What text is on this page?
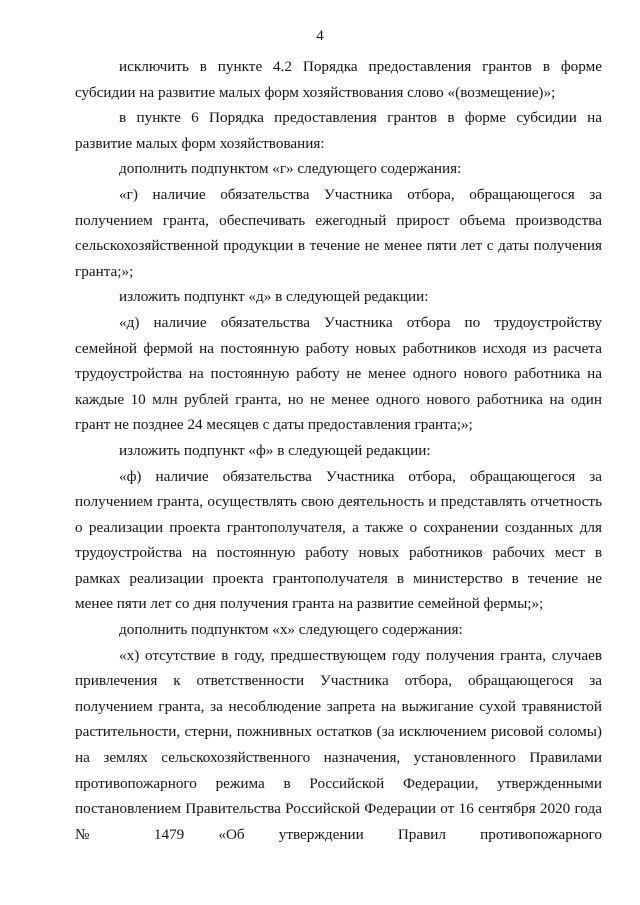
4

исключить в пункте 4.2 Порядка предоставления грантов в форме субсидии на развитие малых форм хозяйствования слово «(возмещение)»;

в пункте 6 Порядка предоставления грантов в форме субсидии на развитие малых форм хозяйствования:

дополнить подпунктом «г» следующего содержания:

«г) наличие обязательства Участника отбора, обращающегося за получением гранта, обеспечивать ежегодный прирост объема производства сельскохозяйственной продукции в течение не менее пяти лет с даты получения гранта;»;

изложить подпункт «д» в следующей редакции:

«д) наличие обязательства Участника отбора по трудоустройству семейной фермой на постоянную работу новых работников исходя из расчета трудоустройства на постоянную работу не менее одного нового работника на каждые 10 млн рублей гранта, но не менее одного нового работника на один грант не позднее 24 месяцев с даты предоставления гранта;»;

изложить подпункт «ф» в следующей редакции:

«ф) наличие обязательства Участника отбора, обращающегося за получением гранта, осуществлять свою деятельность и представлять отчетность о реализации проекта грантополучателя, а также о сохранении созданных для трудоустройства на постоянную работу новых работников рабочих мест в рамках реализации проекта грантополучателя в министерство в течение не менее пяти лет со дня получения гранта на развитие семейной фермы;»;

дополнить подпунктом «х» следующего содержания:

«х) отсутствие в году, предшествующем году получения гранта, случаев привлечения к ответственности Участника отбора, обращающегося за получением гранта, за несоблюдение запрета на выжигание сухой травянистой растительности, стерни, пожнивных остатков (за исключением рисовой соломы) на землях сельскохозяйственного назначения, установленного Правилами противопожарного режима в Российской Федерации, утвержденными постановлением Правительства Российской Федерации от 16 сентября 2020 года № 1479 «Об утверждении Правил противопожарного
